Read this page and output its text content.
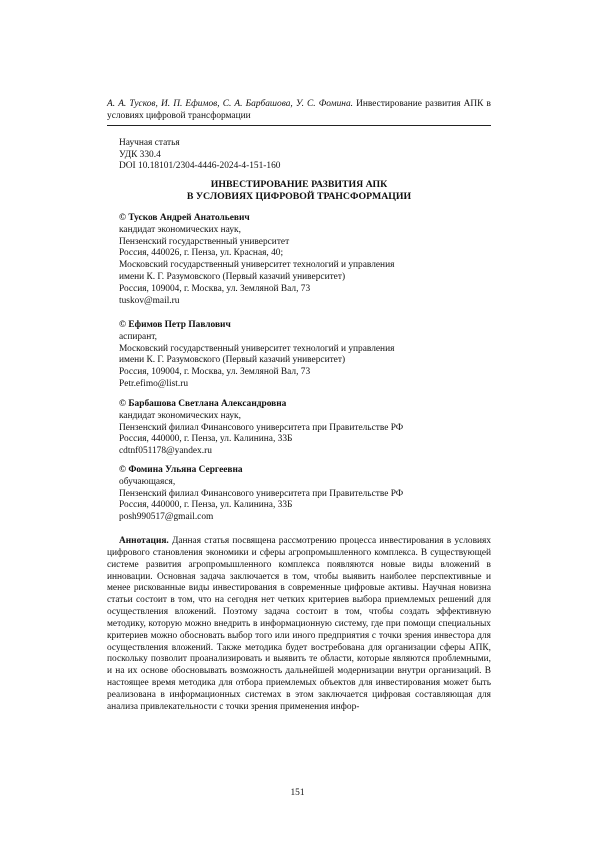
А. А. Тусков, И. П. Ефимов, С. А. Барбашова, У. С. Фомина. Инвестирование развития АПК в условиях цифровой трансформации
Научная статья
УДК 330.4
DOI 10.18101/2304-4446-2024-4-151-160
ИНВЕСТИРОВАНИЕ РАЗВИТИЯ АПК
В УСЛОВИЯХ ЦИФРОВОЙ ТРАНСФОРМАЦИИ
© Тусков Андрей Анатольевич
кандидат экономических наук,
Пензенский государственный университет
Россия, 440026, г. Пенза, ул. Красная, 40;
Московский государственный университет технологий и управления
имени К. Г. Разумовского (Первый казачий университет)
Россия, 109004, г. Москва, ул. Земляной Вал, 73
tuskov@mail.ru
© Ефимов Петр Павлович
аспирант,
Московский государственный университет технологий и управления
имени К. Г. Разумовского (Первый казачий университет)
Россия, 109004, г. Москва, ул. Земляной Вал, 73
Petr.efimo@list.ru
© Барбашова Светлана Александровна
кандидат экономических наук,
Пензенский филиал Финансового университета при Правительстве РФ
Россия, 440000, г. Пенза, ул. Калинина, 33Б
cdtnf051178@yandex.ru
© Фомина Ульяна Сергеевна
обучающаяся,
Пензенский филиал Финансового университета при Правительстве РФ
Россия, 440000, г. Пенза, ул. Калинина, 33Б
posh990517@gmail.com
Аннотация. Данная статья посвящена рассмотрению процесса инвестирования в условиях цифрового становления экономики и сферы агропромышленного комплекса. В существующей системе развития агропромышленного комплекса появляются новые виды вложений в инновации. Основная задача заключается в том, чтобы выявить наиболее перспективные и менее рискованные виды инвестирования в современные цифровые активы. Научная новизна статьи состоит в том, что на сегодня нет четких критериев выбора приемлемых решений для осуществления вложений. Поэтому задача состоит в том, чтобы создать эффективную методику, которую можно внедрить в информационную систему, где при помощи специальных критериев можно обосновать выбор того или иного предприятия с точки зрения инвестора для осуществления вложений. Также методика будет востребована для организации сферы АПК, поскольку позволит проанализировать и выявить те области, которые являются проблемными, и на их основе обосновывать возможность дальнейшей модернизации внутри организаций. В настоящее время методика для отбора приемлемых объектов для инвестирования может быть реализована в информационных системах в этом заключается цифровая составляющая для анализа привлекательности с точки зрения применения инфор-
151
